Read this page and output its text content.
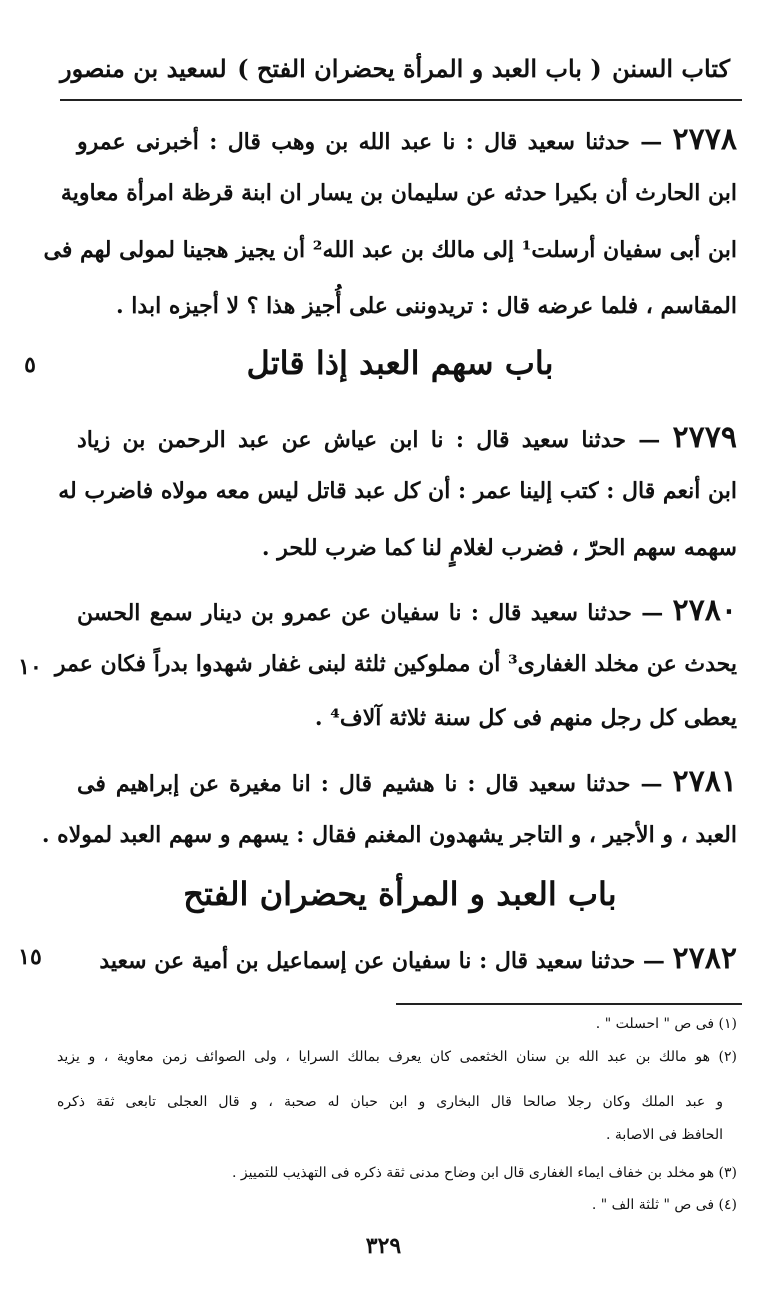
كتاب السنن
( باب العبد و المرأة يحضران الفتح )
لسعيد بن منصور
٢٧٧٨ — حدثنا سعيد قال : نا عبد الله بن وهب قال : أخبرنى عمرو
ابن الحارث أن بكيرا حدثه عن سليمان بن يسار ان ابنة قرظة امرأة معاوية
ابن أبى سفيان أرسلت¹ إلى مالك بن عبد الله² أن يجيز هجينا لمولى لهم فى
المقاسم ، فلما عرضه قال : تريدوننى على أُجيز هذا ؟ لا أجيزه ابدا .
باب سهم العبد إذا قاتل
٥
٢٧٧٩ — حدثنا سعيد قال : نا ابن عياش عن عبد الرحمن بن زياد
ابن أنعم قال : كتب إلينا عمر : أن كل عبد قاتل ليس معه مولاه فاضرب له
سهمه سهم الحرّ ، فضرب لغلامٍ لنا كما ضرب للحر .
٢٧٨٠ — حدثنا سعيد قال : نا سفيان عن عمرو بن دينار سمع الحسن
يحدث عن مخلد الغفارى³ أن مملوكين ثلثة لبنى غفار شهدوا بدراً فكان عمر
١٠
يعطى كل رجل منهم فى كل سنة ثلاثة آلاف⁴ .
٢٧٨١ — حدثنا سعيد قال : نا هشيم قال : انا مغيرة عن إبراهيم فى
العبد ، و الأجير ، و التاجر يشهدون المغنم فقال : يسهم و سهم العبد لمولاه .
باب العبد و المرأة يحضران الفتح
٢٧٨٢ — حدثنا سعيد قال : نا سفيان عن إسماعيل بن أمية عن سعيد
١٥
(١) فى ص " احسلت " .
(٢) هو مالك بن عبد الله بن سنان الخثعمى كان يعرف بمالك السرايا ، ولى الصوائف زمن معاوية ، و يزيد
و عبد الملك وكان رجلا صالحا قال البخارى و ابن حبان له صحبة ، و قال العجلى تابعى ثقة ذكره
الحافظ فى الاصابة .
(٣) هو مخلد بن خفاف ايماء الغفارى قال ابن وضاح مدنى ثقة ذكره فى التهذيب للتمييز .
(٤) فى ص " ثلثة الف " .
٣٢٩
